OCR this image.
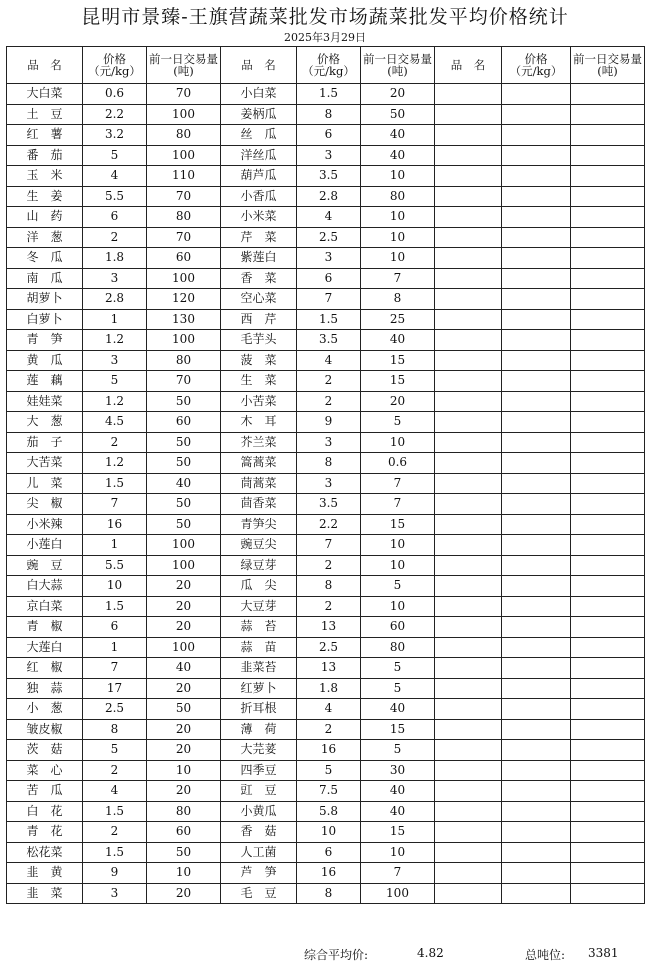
昆明市景臻-王旗营蔬菜批发市场蔬菜批发平均价格统计
2025年3月29日
品　名	价格（元/kg）	前一日交易量(吨)	品　名	价格（元/kg）	前一日交易量(吨)	品　名	价格（元/kg）	前一日交易量(吨)
大白菜	0.6	70	小白菜	1.5	20			
土　豆	2.2	100	姜柄瓜	8	50			
红　薯	3.2	80	丝　瓜	6	40			
番　茄	5	100	洋丝瓜	3	40			
玉　米	4	110	葫芦瓜	3.5	10			
生　姜	5.5	70	小香瓜	2.8	80			
山　药	6	80	小米菜	4	10			
洋　葱	2	70	芹　菜	2.5	10			
冬　瓜	1.8	60	紫莲白	3	10			
南　瓜	3	100	香　菜	6	7			
胡萝卜	2.8	120	空心菜	7	8			
白萝卜	1	130	西　芹	1.5	25			
青　笋	1.2	100	毛芋头	3.5	40			
黄　瓜	3	80	菠　菜	4	15			
莲　藕	5	70	生　菜	2	15			
娃娃菜	1.2	50	小苦菜	2	20			
大　葱	4.5	60	木　耳	9	5			
茄　子	2	50	芥兰菜	3	10			
大苦菜	1.2	50	篙蒿菜	8	0.6			
儿　菜	1.5	40	茼蒿菜	3	7			
尖　椒	7	50	茴香菜	3.5	7			
小米辣	16	50	青笋尖	2.2	15			
小莲白	1	100	豌豆尖	7	10			
豌　豆	5.5	100	绿豆芽	2	10			
白大蒜	10	20	瓜　尖	8	5			
京白菜	1.5	20	大豆芽	2	10			
青　椒	6	20	蒜　苔	13	60			
大莲白	1	100	蒜　苗	2.5	80			
红　椒	7	40	韭菜苔	13	5			
独　蒜	17	20	红萝卜	1.8	5			
小　葱	2.5	50	折耳根	4	40			
皱皮椒	8	20	薄　荷	2	15			
茨　菇	5	20	大芫荽	16	5			
菜　心	2	10	四季豆	5	30			
苦　瓜	4	20	豇　豆	7.5	40			
白　花	1.5	80	小黄瓜	5.8	40			
青　花	2	60	香　菇	10	15			
松花菜	1.5	50	人工菌	6	10			
韭　黄	9	10	芦　笋	16	7			
韭　菜	3	20	毛　豆	8	100			
综合平均价:	4.82	总吨位: 3381
